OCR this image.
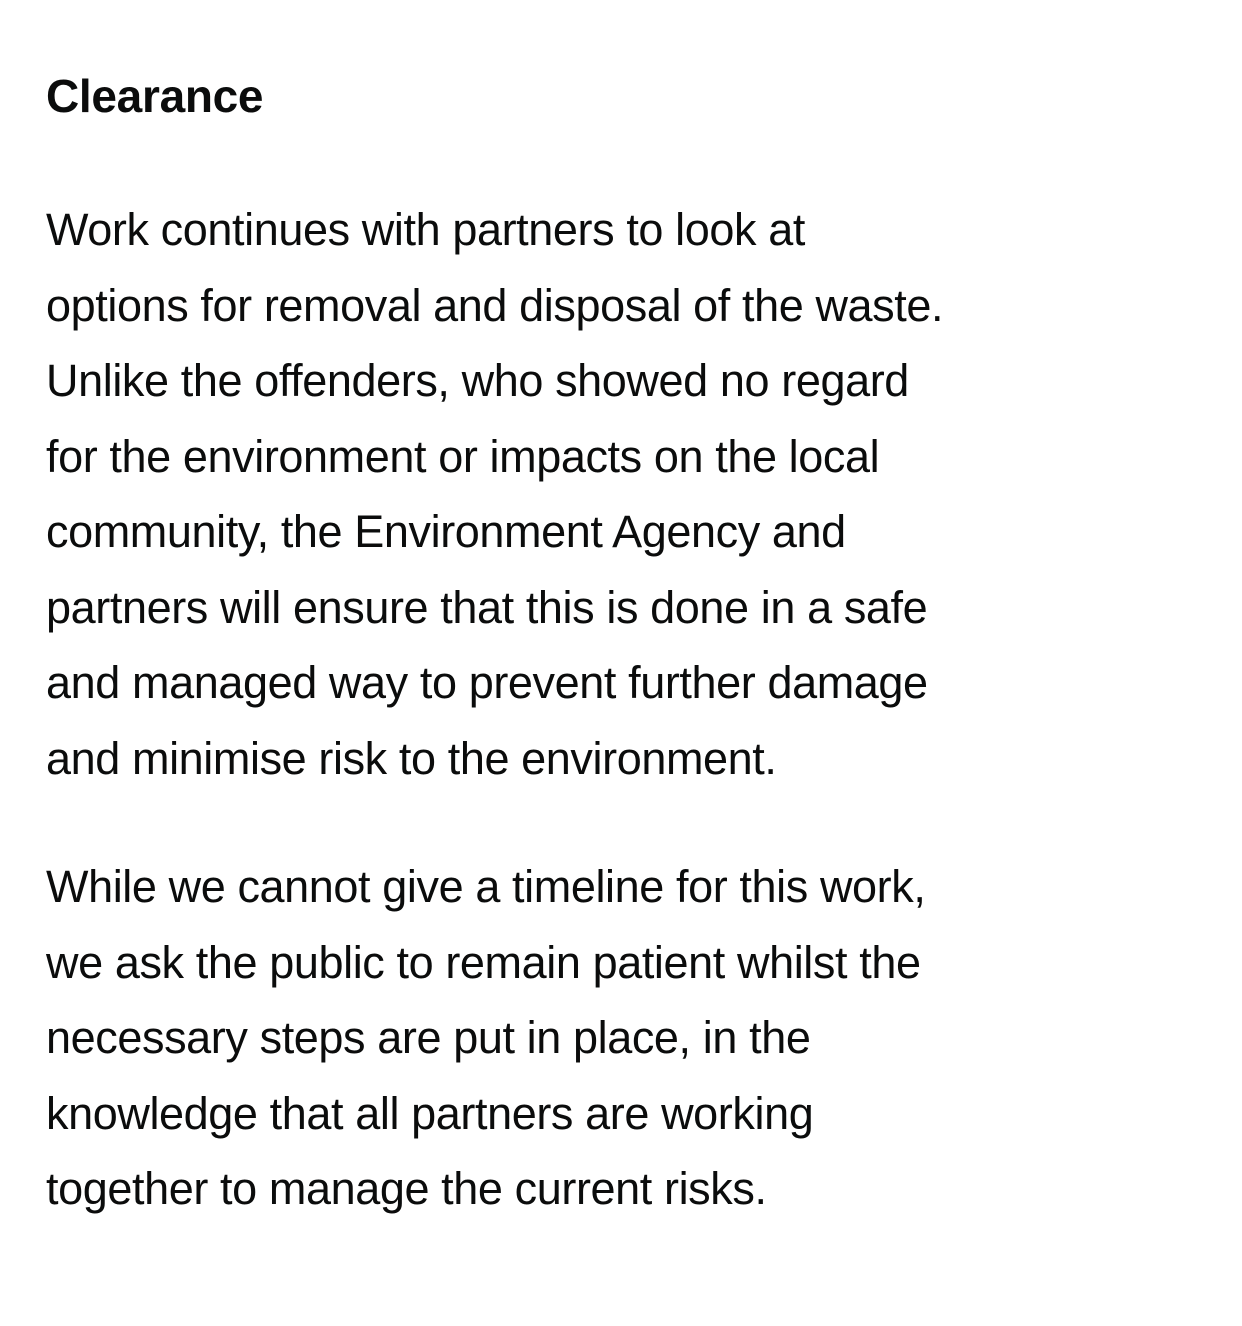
Clearance

Work continues with partners to look at
options for removal and disposal of the waste.
Unlike the offenders, who showed no regard
for the environment or impacts on the local
community, the Environment Agency and
partners will ensure that this is done in a safe
and managed way to prevent further damage
and minimise risk to the environment.

While we cannot give a timeline for this work,
we ask the public to remain patient whilst the
necessary steps are put in place, in the
knowledge that all partners are working
together to manage the current risks.
